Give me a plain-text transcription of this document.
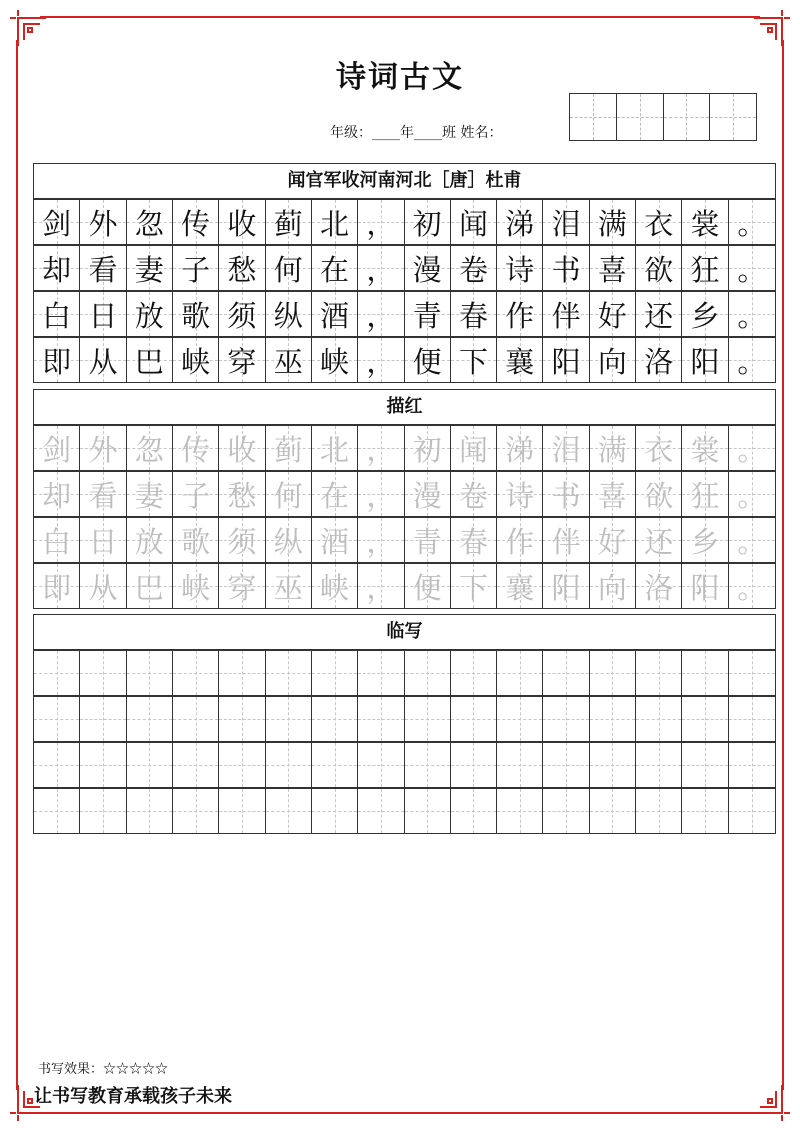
诗词古文
年级：____年____班 姓名：
闻官军收河南河北［唐］杜甫
剑 外 忽 传 收 蓟 北 ， 初 闻 涕 泪 满 衣 裳 。
却 看 妻 子 愁 何 在 ， 漫 卷 诗 书 喜 欲 狂 。
白 日 放 歌 须 纵 酒 ， 青 春 作 伴 好 还 乡 。
即 从 巴 峡 穿 巫 峡 ， 便 下 襄 阳 向 洛 阳 。
描红
剑 外 忽 传 收 蓟 北 ， 初 闻 涕 泪 满 衣 裳 。
却 看 妻 子 愁 何 在 ， 漫 卷 诗 书 喜 欲 狂 。
白 日 放 歌 须 纵 酒 ， 青 春 作 伴 好 还 乡 。
即 从 巴 峡 穿 巫 峡 ， 便 下 襄 阳 向 洛 阳 。
临写
书写效果：☆☆☆☆☆
让书写教育承载孩子未来
